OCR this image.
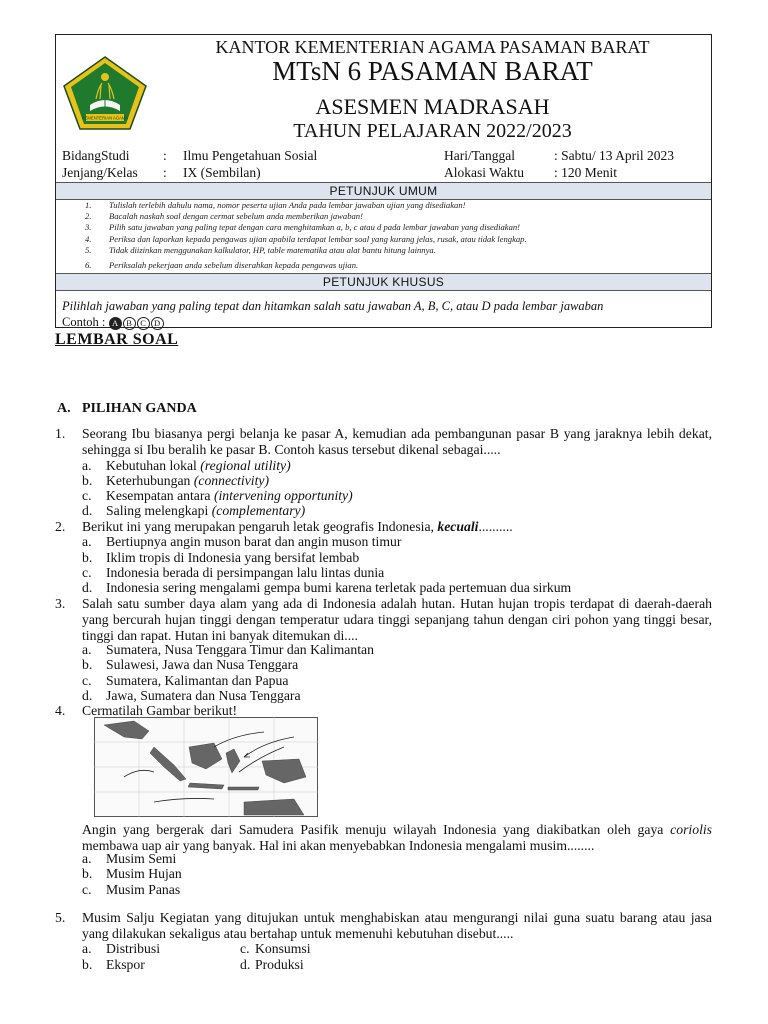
KEMENTERIAN AGAMA
KANTOR KEMENTERIAN AGAMA PASAMAN BARAT
MTsN 6 PASAMAN BARAT
ASESMEN MADRASAH
TAHUN PELAJARAN 2022/2023
BidangStudi : Ilmu Pengetahuan Sosial	Hari/Tanggal	: Sabtu/ 13 April 2023
Jenjang/Kelas : IX (Sembilan)	Alokasi Waktu : 120 Menit
PETUNJUK UMUM
1. Tulislah terlebih dahulu nama, nomor peserta ujian Anda pada lembar jawaban ujian yang disediakan!
2. Bacalah naskah soal dengan cermat sebelum anda memberikan jawaban!
3. Pilih satu jawaban yang paling tepat dengan cara menghitamkan a, b, c atau d pada lembar jawaban yang disediakan!
4. Periksa dan laporkan kepada pengawas ujian apabila terdapat lembar soal yang kurang jelas, rusak, atau tidak lengkap.
5. Tidak diizinkan menggunakan kalkulator, HP, table matematika atau alat bantu hitung lainnya.
6. Periksalah pekerjaan anda sebelum diserahkan kepada pengawas ujian.
PETUNJUK KHUSUS
Pilihlah jawaban yang paling tepat dan hitamkan salah satu jawaban A, B, C, atau D pada lembar jawaban
Contoh : A B C D
LEMBAR SOAL
A. PILIHAN GANDA
1.	Seorang Ibu biasanya pergi belanja ke pasar A, kemudian ada pembangunan pasar B yang jaraknya lebih dekat, sehingga si Ibu beralih ke pasar B. Contoh kasus tersebut dikenal sebagai.....
a. Kebutuhan lokal (regional utility)
b. Keterhubungan (connectivity)
c. Kesempatan antara (intervening opportunity)
d. Saling melengkapi (complementary)
2.	Berikut ini yang merupakan pengaruh letak geografis Indonesia, kecuali..........
a. Bertiupnya angin muson barat dan angin muson timur
b. Iklim tropis di Indonesia yang bersifat lembab
c. Indonesia berada di persimpangan lalu lintas dunia
d. Indonesia sering mengalami gempa bumi karena terletak pada pertemuan dua sirkum
3.	Salah satu sumber daya alam yang ada di Indonesia adalah hutan. Hutan hujan tropis terdapat di daerah-daerah yang bercurah hujan tinggi dengan temperatur udara tinggi sepanjang tahun dengan ciri pohon yang tinggi besar, tinggi dan rapat. Hutan ini banyak ditemukan di....
a. Sumatera, Nusa Tenggara Timur dan Kalimantan
b. Sulawesi, Jawa dan Nusa Tenggara
c. Sumatera, Kalimantan dan Papua
d. Jawa, Sumatera dan Nusa Tenggara
4.	Cermatilah Gambar berikut!
Angin yang bergerak dari Samudera Pasifik menuju wilayah Indonesia yang diakibatkan oleh gaya coriolis membawa uap air yang banyak. Hal ini akan menyebabkan Indonesia mengalami musim........
a. Musim Semi
b. Musim Hujan
c. Musim Panas
5.	Musim Salju Kegiatan yang ditujukan untuk menghabiskan atau mengurangi nilai guna suatu barang atau jasa yang dilakukan sekaligus atau bertahap untuk memenuhi kebutuhan disebut.....
a. Distribusi
b. Ekspor
c. Konsumsi
d. Produksi
